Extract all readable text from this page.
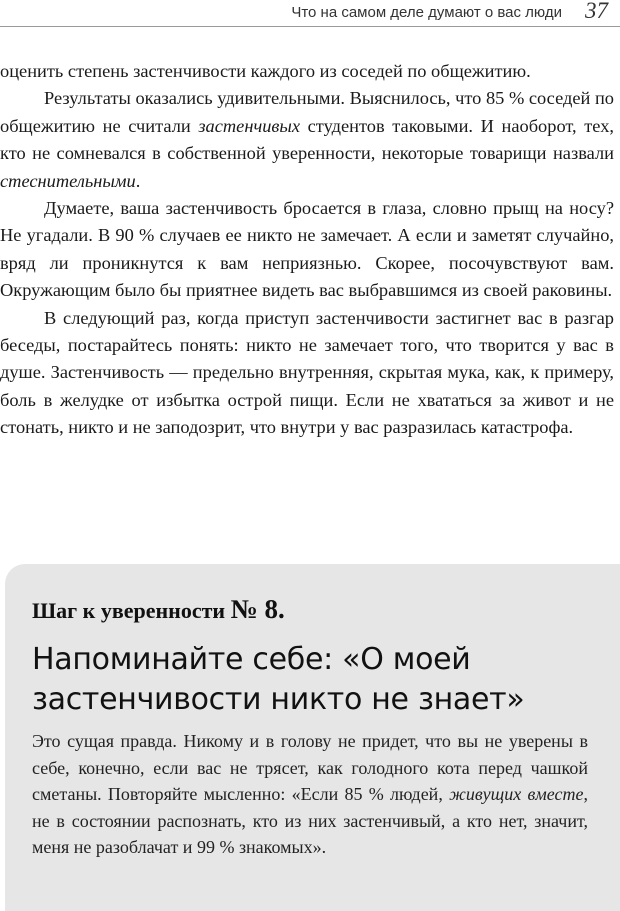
Что на самом деле думают о вас люди 37

оценить степень застенчивости каждого из соседей по общежитию.

Результаты оказались удивительными. Выяснилось, что 85 % соседей по общежитию не считали застенчивых студентов таковыми. И наоборот, тех, кто не сомневался в собственной уверенности, некоторые товарищи назвали стеснительными.

Думаете, ваша застенчивость бросается в глаза, словно прыщ на носу? Не угадали. В 90 % случаев ее никто не замечает. А если и заметят случайно, вряд ли проникнутся к вам неприязнью. Скорее, посочувствуют вам. Окружающим было бы приятнее видеть вас выбравшимся из своей раковины.

В следующий раз, когда приступ застенчивости застигнет вас в разгар беседы, постарайтесь понять: никто не замечает того, что творится у вас в душе. Застенчивость — предельно внутренняя, скрытая мука, как, к примеру, боль в желудке от избытка острой пищи. Если не хвататься за живот и не стонать, никто и не заподозрит, что внутри у вас разразилась катастрофа.

Шаг к уверенности № 8.
Напоминайте себе: «О моей застенчивости никто не знает»
Это сущая правда. Никому и в голову не придет, что вы не уверены в себе, конечно, если вас не трясет, как голодного кота перед чашкой сметаны. Повторяйте мысленно: «Если 85 % людей, живущих вместе, не в состоянии распознать, кто из них застенчивый, а кто нет, значит, меня не разоблачат и 99 % знакомых».
